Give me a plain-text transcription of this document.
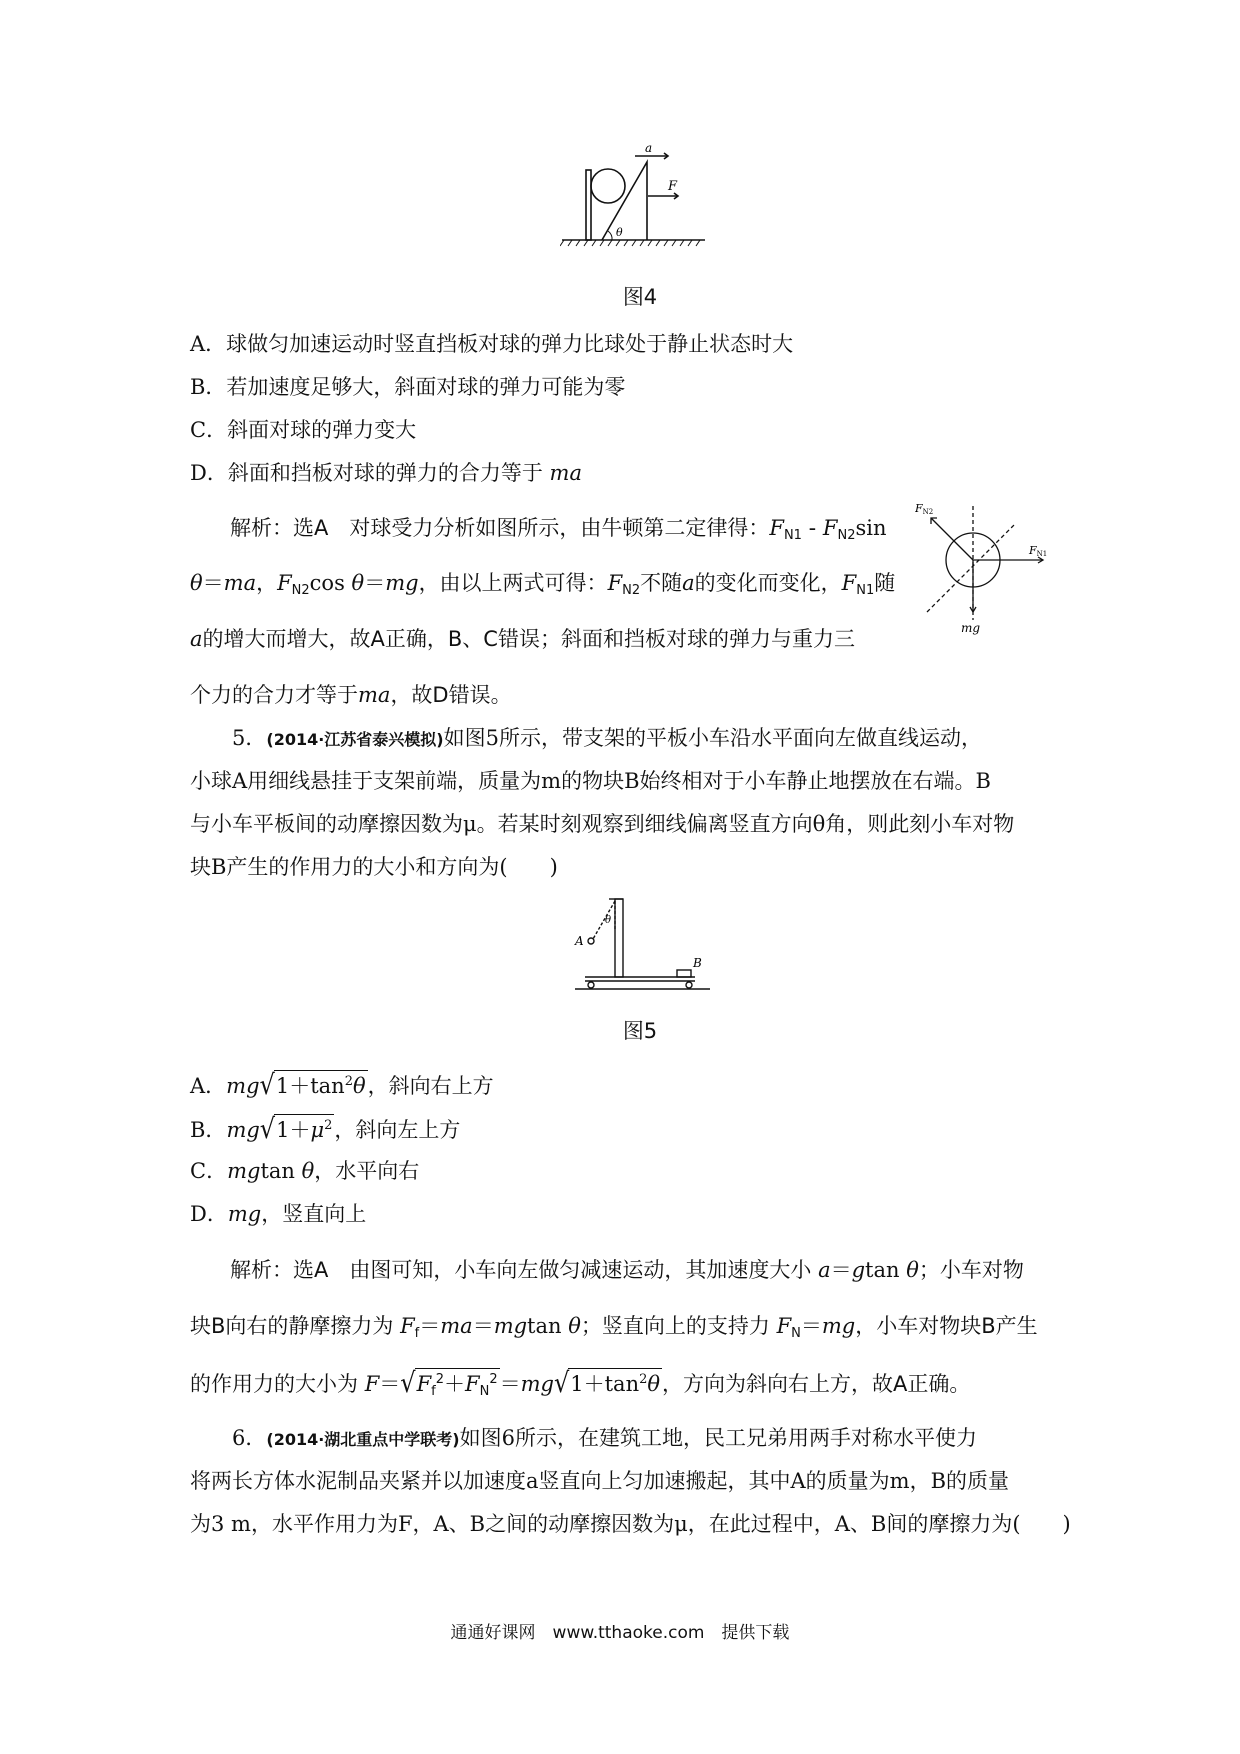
a
F
θ
图4
A．球做匀加速运动时竖直挡板对球的弹力比球处于静止状态时大
B．若加速度足够大，斜面对球的弹力可能为零
C．斜面对球的弹力变大
D．斜面和挡板对球的弹力的合力等于 ma
解析：选A　对球受力分析如图所示，由牛顿第二定律得：$F_{N1} - F_{N2}\sin$
θ＝ma，$F_{N2}\cos$ θ＝mg，由以上两式可得：$F_{N2}$不随a的变化而变化，$F_{N1}$随
a的增大而增大，故A正确，B、C错误；斜面和挡板对球的弹力与重力三
个力的合力才等于ma，故D错误。
FN2
FN1
mg
5．(2014·江苏省泰兴模拟)如图5所示，带支架的平板小车沿水平面向左做直线运动，
小球A用细线悬挂于支架前端，质量为m的物块B始终相对于小车静止地摆放在右端。B
与小车平板间的动摩擦因数为μ。若某时刻观察到细线偏离竖直方向θ角，则此刻小车对物
块B产生的作用力的大小和方向为(　　)
A
B
θ
图5
A．$mg√1+\tan^2\theta$，斜向右上方
B．$mg√1+\mu^2$，斜向左上方
C．mgtan θ，水平向右
D．mg，竖直向上
解析：选A　由图可知，小车向左做匀减速运动，其加速度大小 a＝gtan θ；小车对物
块B向右的静摩擦力为 $F_f=ma=mgtan$ θ；竖直向上的支持力 $F_N=mg$，小车对物块B产生
的作用力的大小为 $F=√F_f^2+F_N^2=mg√1+\tan^2\theta$，方向为斜向右上方，故A正确。
6．(2014·湖北重点中学联考)如图6所示，在建筑工地，民工兄弟用两手对称水平使力
将两长方体水泥制品夹紧并以加速度a竖直向上匀加速搬起，其中A的质量为m，B的质量
为3 m，水平作用力为F，A、B之间的动摩擦因数为μ，在此过程中，A、B间的摩擦力为(　　)
通通好课网　www.tthaoke.com　提供下载
